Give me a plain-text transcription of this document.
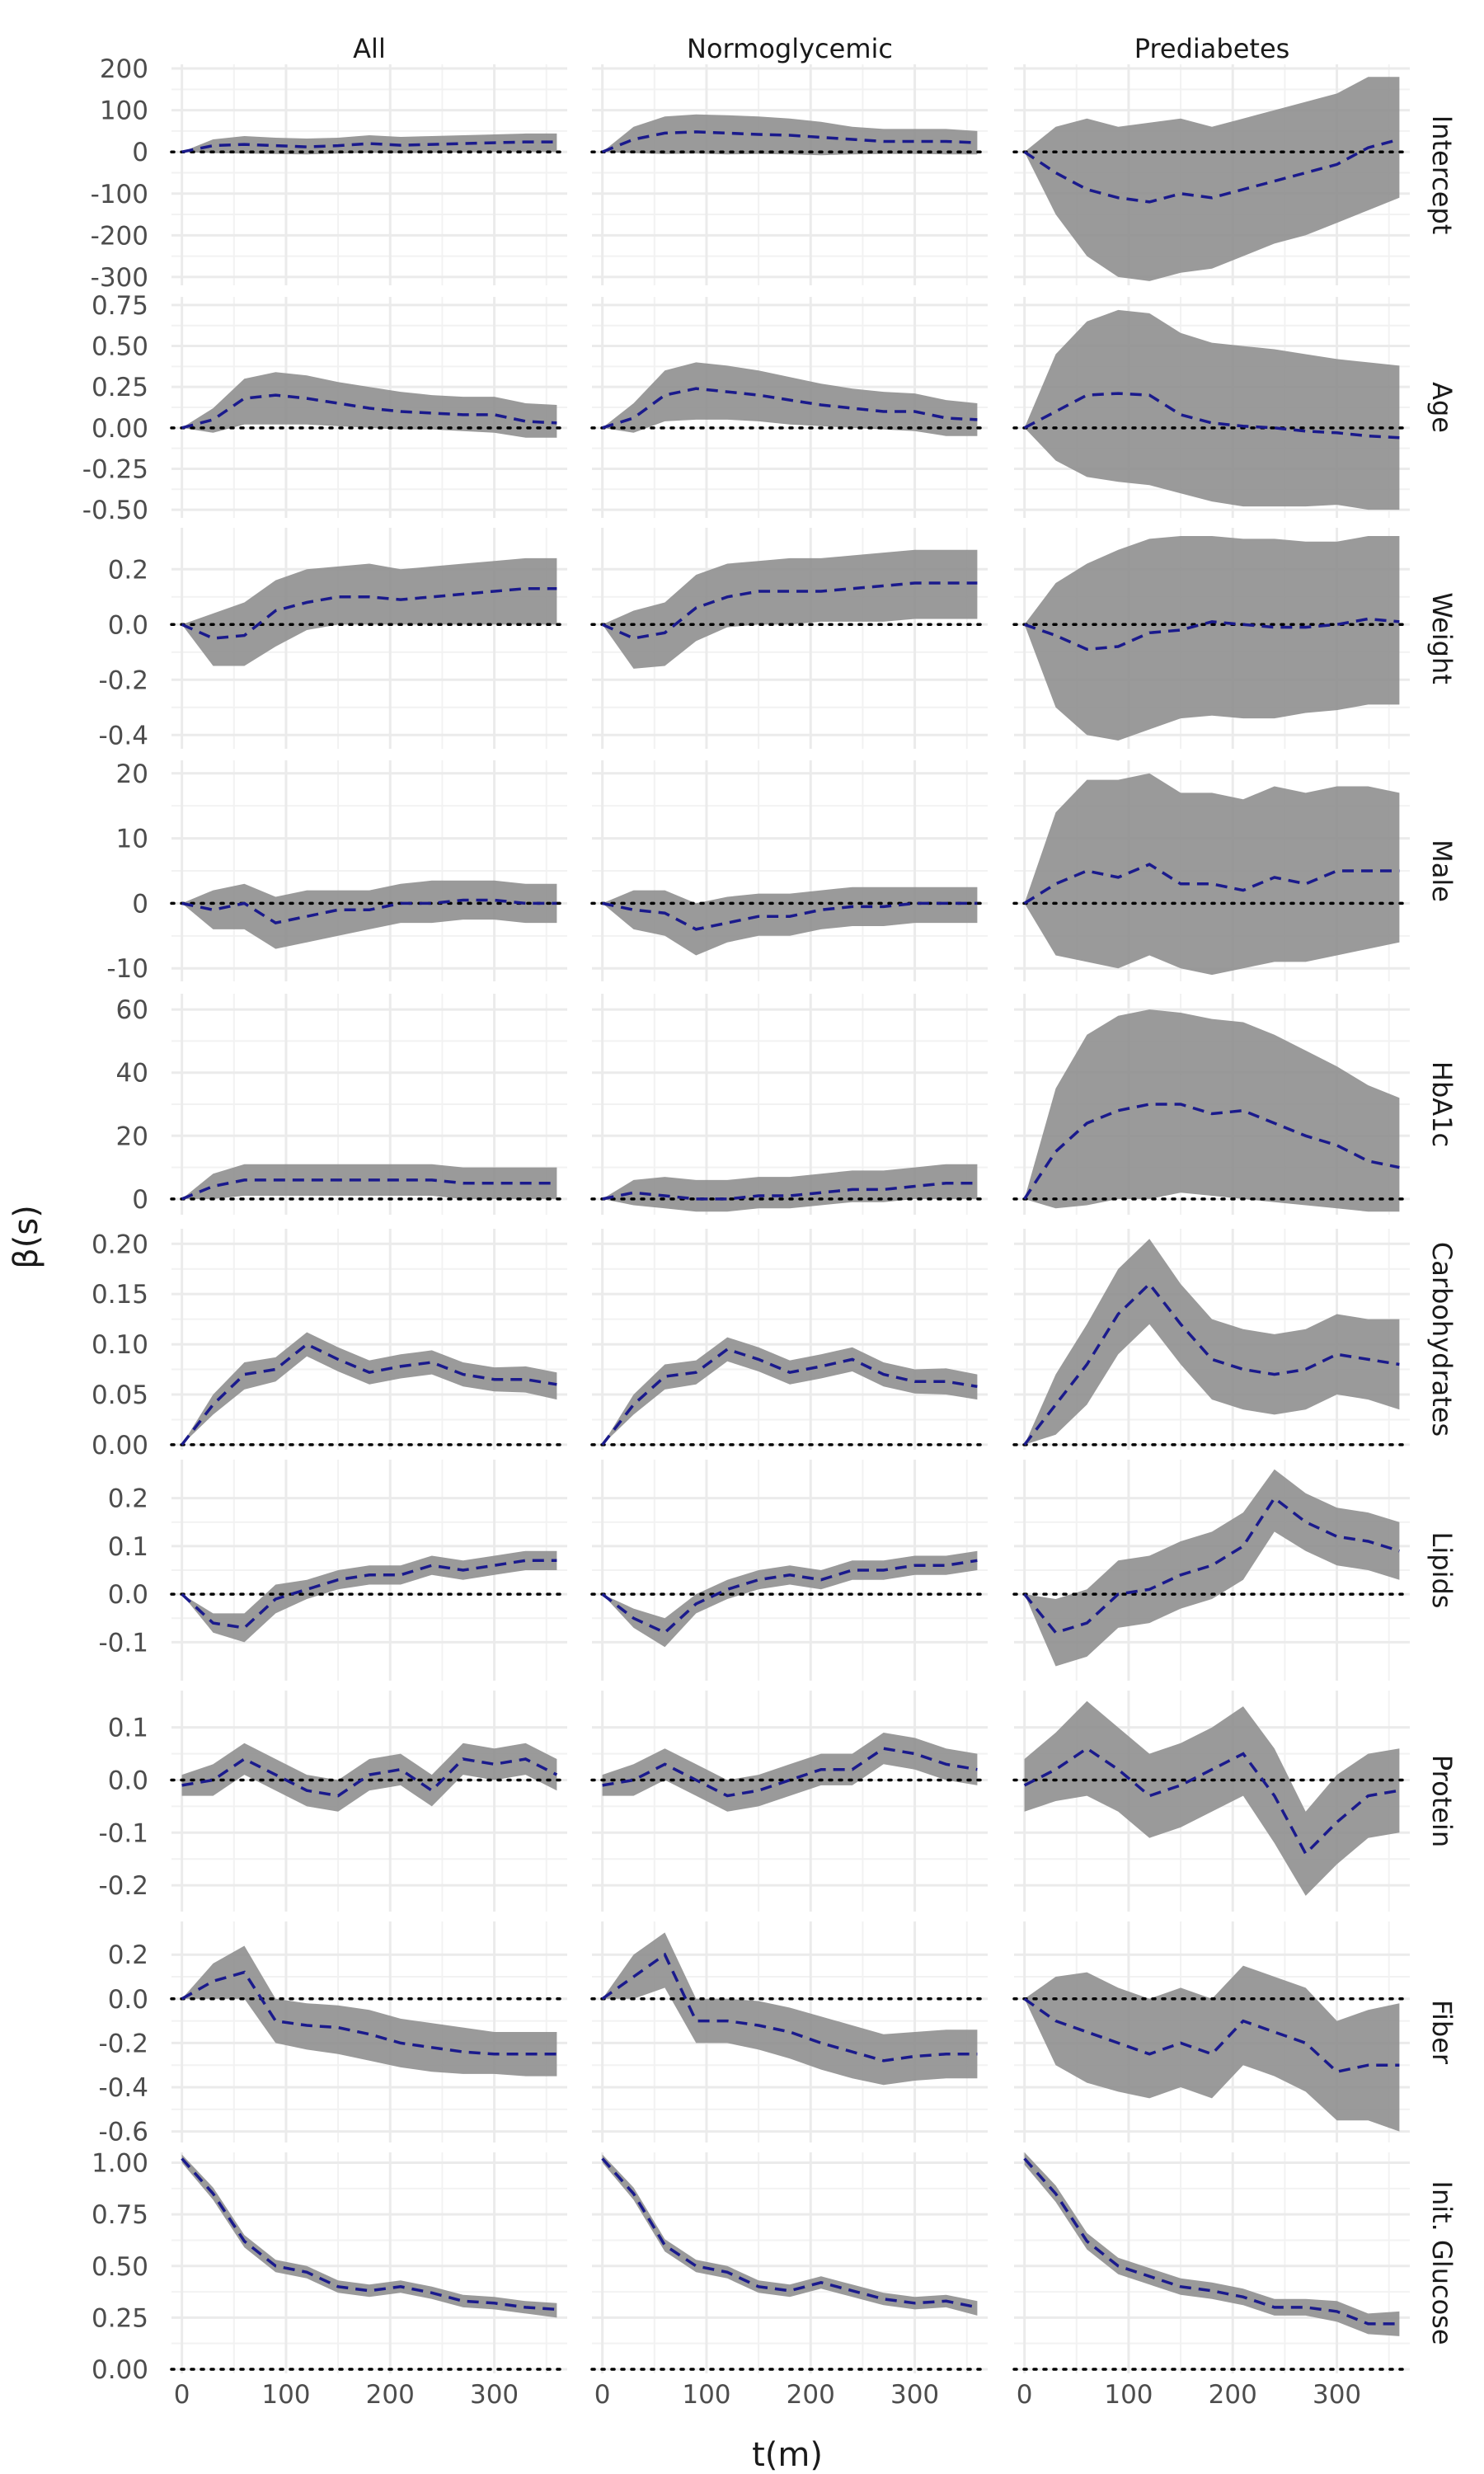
All	Normoglycemic	Prediabetes
Intercept
Age
Weight
Male
HbA1c
Carbohydrates
Lipids
Protein
Fiber
Init. Glucose
200
100
0
-100
-200
-300
0.75
0.50
0.25
0.00
-0.25
-0.50
0.2
0.0
-0.2
-0.4
20
10
0
-10
60
40
20
0
0.20
0.15
0.10
0.05
0.00
0.2
0.1
0.0
-0.1
0.1
0.0
-0.1
-0.2
0.2
0.0
-0.2
-0.4
-0.6
1.00
0.75
0.50
0.25
0.00
0	100 200 300	0	100 200 300	0	100 200 300
t(m)
β(s)
